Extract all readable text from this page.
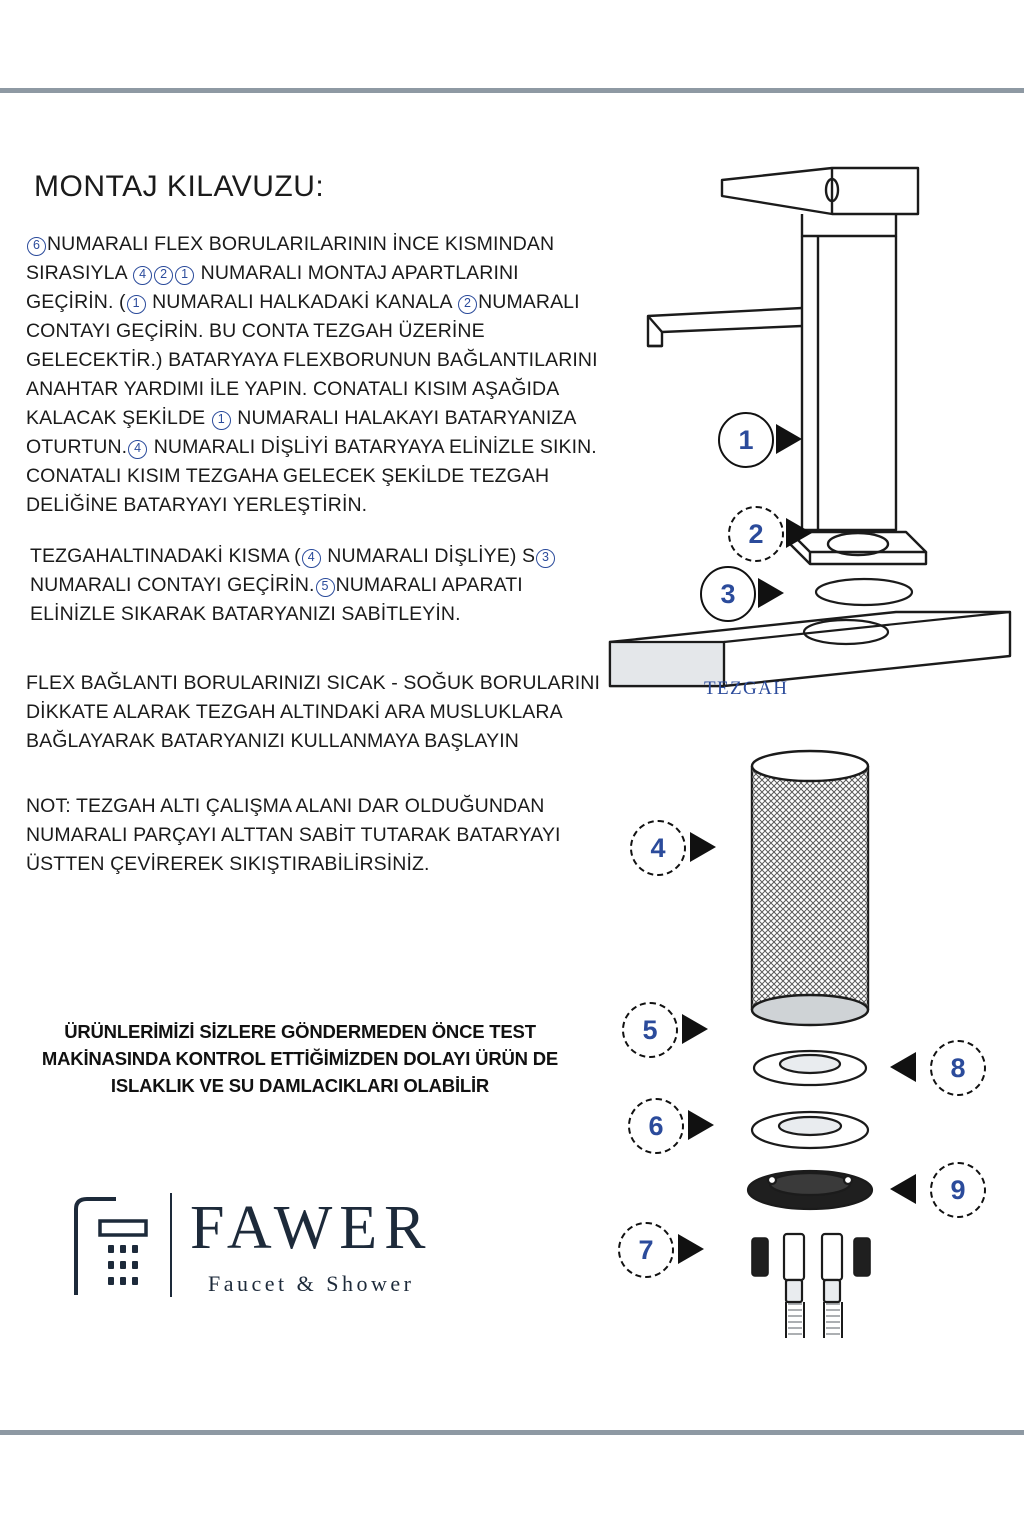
MONTAJ KILAVUZU:

6 NUMARALI FLEX BORULARILARININ İNCE KISMINDAN SIRASIYLA 4 2 1 NUMARALI MONTAJ APARTLARINI GEÇİRİN. ( 1 NUMARALI HALKADAKİ KANALA 2 NUMARALI CONTAYI GEÇİRİN. BU CONTA TEZGAH ÜZERİNE GELECEKTİR.) BATARYAYA FLEXBORUNUN BAĞLANTILARINI ANAHTAR YARDIMI İLE YAPIN. CONATALI KISIM AŞAĞIDA KALACAK ŞEKİLDE 1 NUMARALI HALAKAYI BATARYANIZA OTURTUN. 4 NUMARALI DİŞLİYİ BATARYAYA ELİNİZLE SIKIN. CONATALI KISIM TEZGAHA GELECEK ŞEKİLDE TEZGAH DELİĞİNE BATARYAYI YERLEŞTİRİN.

TEZGAHALTINADAKİ KISMA ( 4 NUMARALI DİŞLİYE) S 3 NUMARALI CONTAYI GEÇİRİN. 5 NUMARALI APARATI ELİNİZLE SIKARAK BATARYANIZI SABİTLEYİN.

FLEX BAĞLANTI BORULARINIZI SICAK - SOĞUK BORULARINI DİKKATE ALARAK TEZGAH ALTINDAKİ ARA MUSLUKLARA BAĞLAYARAK BATARYANIZI KULLANMAYA BAŞLAYIN

NOT: TEZGAH ALTI ÇALIŞMA ALANI DAR OLDUĞUNDAN NUMARALI PARÇAYI ALTTAN SABİT TUTARAK BATARYAYI ÜSTTEN ÇEVİREREK SIKIŞTIRABİLİRSİNİZ.

ÜRÜNLERİMİZİ SİZLERE GÖNDERMEDEN ÖNCE TEST MAKİNASINDA KONTROL ETTİĞİMİZDEN DOLAYI ÜRÜN DE ISLAKLIK VE SU DAMLACIKLARI OLABİLİR
FAWER
Faucet & Shower
TEZGAH
1
2
3
4
5
6
7
8
9
